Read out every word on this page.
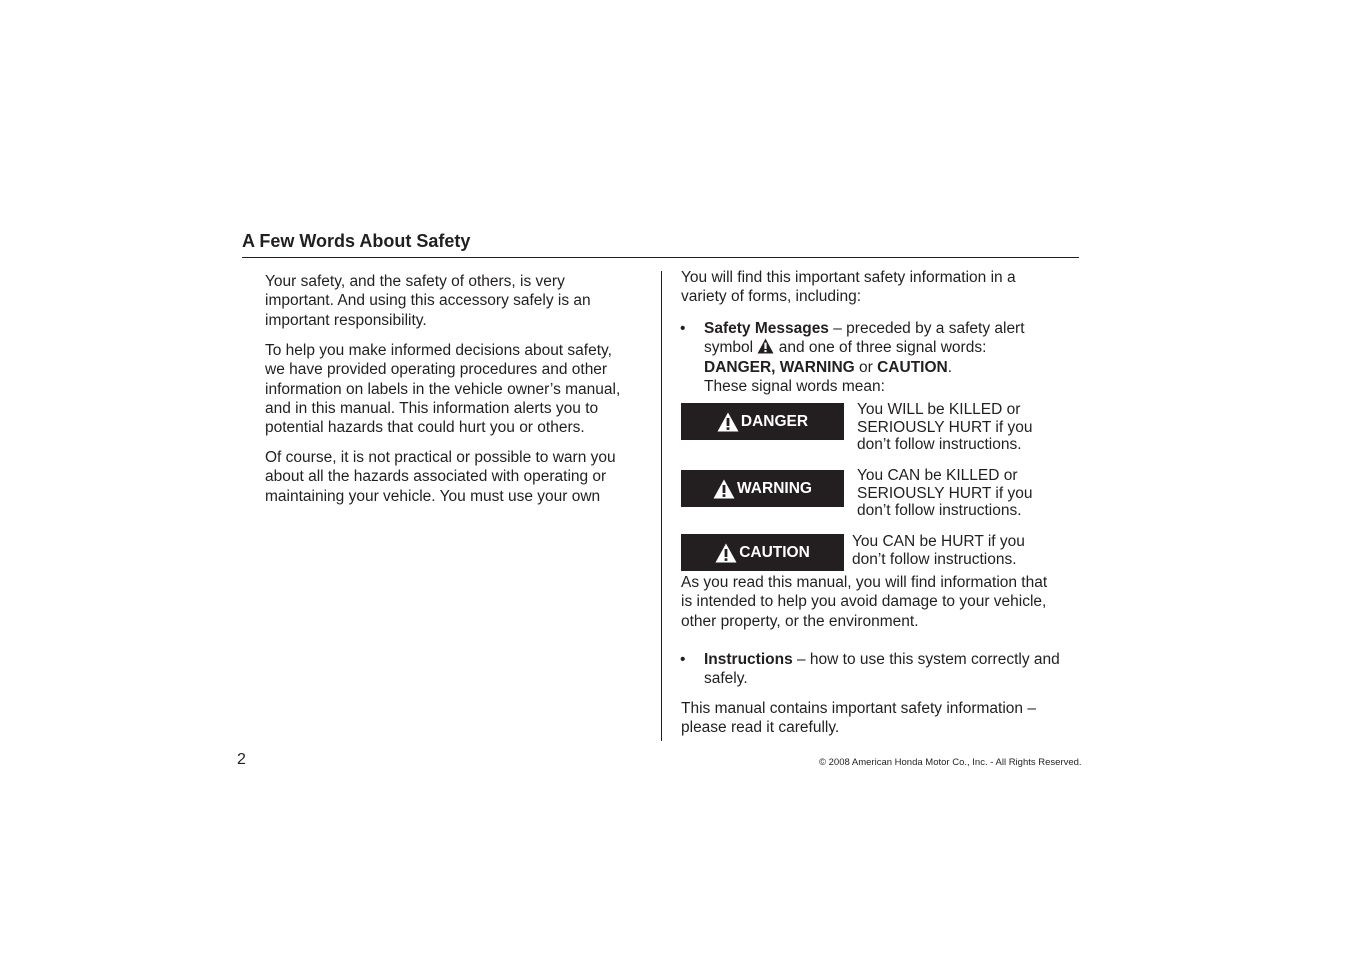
A Few Words About Safety

Your safety, and the safety of others, is very important. And using this accessory safely is an important responsibility.

To help you make informed decisions about safety, we have provided operating procedures and other information on labels in the vehicle owner’s manual, and in this manual. This information alerts you to potential hazards that could hurt you or others.

Of course, it is not practical or possible to warn you about all the hazards associated with operating or maintaining your vehicle. You must use your own

You will find this important safety information in a variety of forms, including:

• Safety Messages – preceded by a safety alert symbol  and one of three signal words:
DANGER, WARNING or CAUTION.
These signal words mean:
DANGER

You WILL be KILLED or SERIOUSLY HURT if you don’t follow instructions.

WARNING

You CAN be KILLED or SERIOUSLY HURT if you don’t follow instructions.

CAUTION

You CAN be HURT if you don’t follow instructions.

As you read this manual, you will find information that is intended to help you avoid damage to your vehicle, other property, or the environment.

• Instructions – how to use this system correctly and safely.

This manual contains important safety information – please read it carefully.

2	© 2008 American Honda Motor Co., Inc. - All Rights Reserved.
